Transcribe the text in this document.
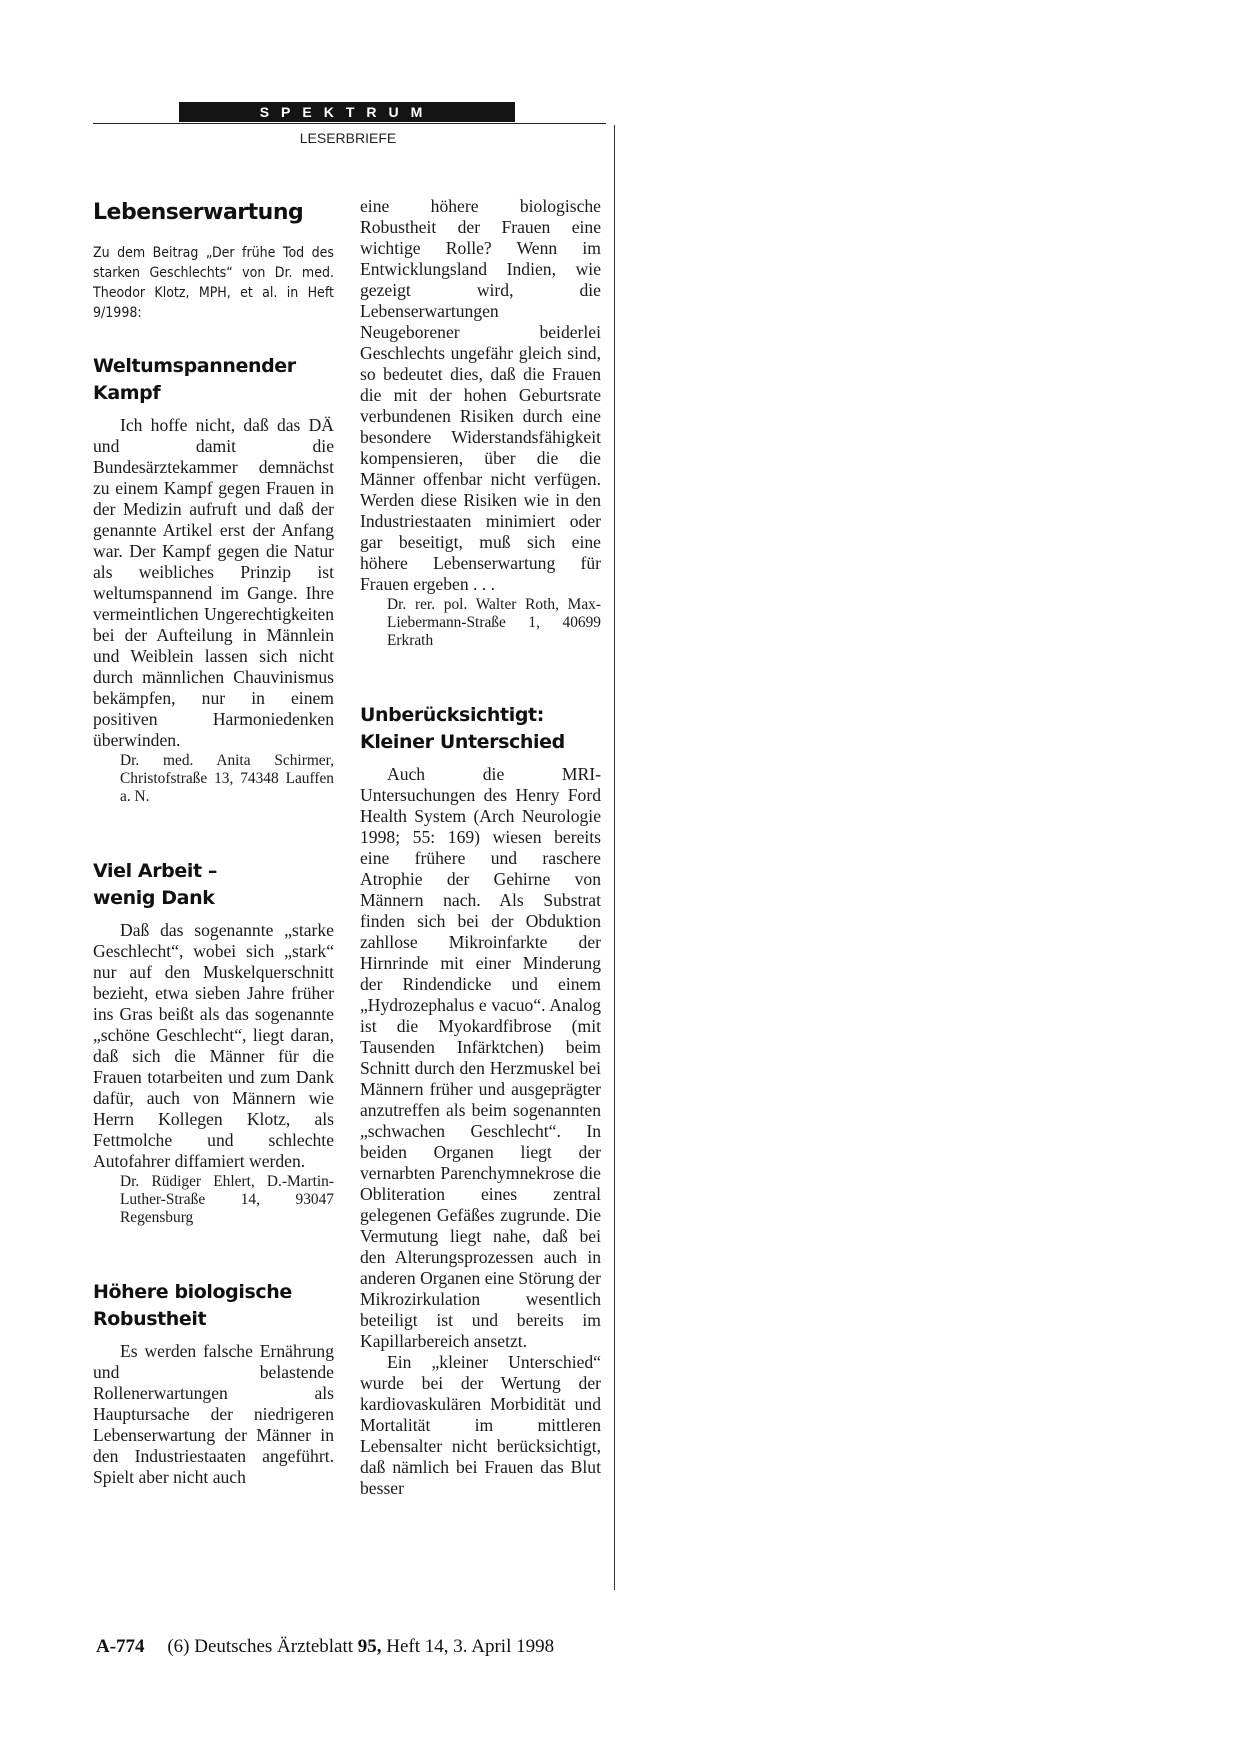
SPEKTRUM
LESERBRIEFE
Lebenserwartung
Zu dem Beitrag „Der frühe Tod des starken Geschlechts“ von Dr. med. Theodor Klotz, MPH, et al. in Heft 9/1998:
Weltumspannender Kampf

Ich hoffe nicht, daß das DÄ und damit die Bundesärztekammer demnächst zu einem Kampf gegen Frauen in der Medizin aufruft und daß der genannte Artikel erst der Anfang war. Der Kampf gegen die Natur als weibliches Prinzip ist weltumspannend im Gange. Ihre vermeintlichen Ungerechtigkeiten bei der Aufteilung in Männlein und Weiblein lassen sich nicht durch männlichen Chauvinismus bekämpfen, nur in einem positiven Harmoniedenken überwinden.

Dr. med. Anita Schirmer, Christofstraße 13, 74348 Lauffen a. N.
Viel Arbeit – wenig Dank

Daß das sogenannte „starke Geschlecht“, wobei sich „stark“ nur auf den Muskelquerschnitt bezieht, etwa sieben Jahre früher ins Gras beißt als das sogenannte „schöne Geschlecht“, liegt daran, daß sich die Männer für die Frauen totarbeiten und zum Dank dafür, auch von Männern wie Herrn Kollegen Klotz, als Fettmolche und schlechte Autofahrer diffamiert werden.

Dr. Rüdiger Ehlert, D.-Martin-Luther-Straße 14, 93047 Regensburg
Höhere biologische Robustheit

Es werden falsche Ernährung und belastende Rollenerwartungen als Hauptursache der niedrigeren Lebenserwartung der Männer in den Industriestaaten angeführt. Spielt aber nicht auch

eine höhere biologische Robustheit der Frauen eine wichtige Rolle? Wenn im Entwicklungsland Indien, wie gezeigt wird, die Lebenserwartungen Neugeborener beiderlei Geschlechts ungefähr gleich sind, so bedeutet dies, daß die Frauen die mit der hohen Geburtsrate verbundenen Risiken durch eine besondere Widerstandsfähigkeit kompensieren, über die die Männer offenbar nicht verfügen. Werden diese Risiken wie in den Industriestaaten minimiert oder gar beseitigt, muß sich eine höhere Lebenserwartung für Frauen ergeben . . .

Dr. rer. pol. Walter Roth, Max-Liebermann-Straße 1, 40699 Erkrath
Unberücksichtigt: Kleiner Unterschied

Auch die MRI-Untersuchungen des Henry Ford Health System (Arch Neurologie 1998; 55: 169) wiesen bereits eine frühere und raschere Atrophie der Gehirne von Männern nach. Als Substrat finden sich bei der Obduktion zahllose Mikroinfarkte der Hirnrinde mit einer Minderung der Rindendicke und einem „Hydrozephalus e vacuo“. Analog ist die Myokardfibrose (mit Tausenden Infärktchen) beim Schnitt durch den Herzmuskel bei Männern früher und ausgeprägter anzutreffen als beim sogenannten „schwachen Geschlecht“. In beiden Organen liegt der vernarbten Parenchymnekrose die Obliteration eines zentral gelegenen Gefäßes zugrunde. Die Vermutung liegt nahe, daß bei den Alterungsprozessen auch in anderen Organen eine Störung der Mikrozirkulation wesentlich beteiligt ist und bereits im Kapillarbereich ansetzt.

Ein „kleiner Unterschied“ wurde bei der Wertung der kardiovaskulären Morbidität und Mortalität im mittleren Lebensalter nicht berücksichtigt, daß nämlich bei Frauen das Blut besser

A-774 (6) Deutsches Ärzteblatt 95, Heft 14, 3. April 1998
